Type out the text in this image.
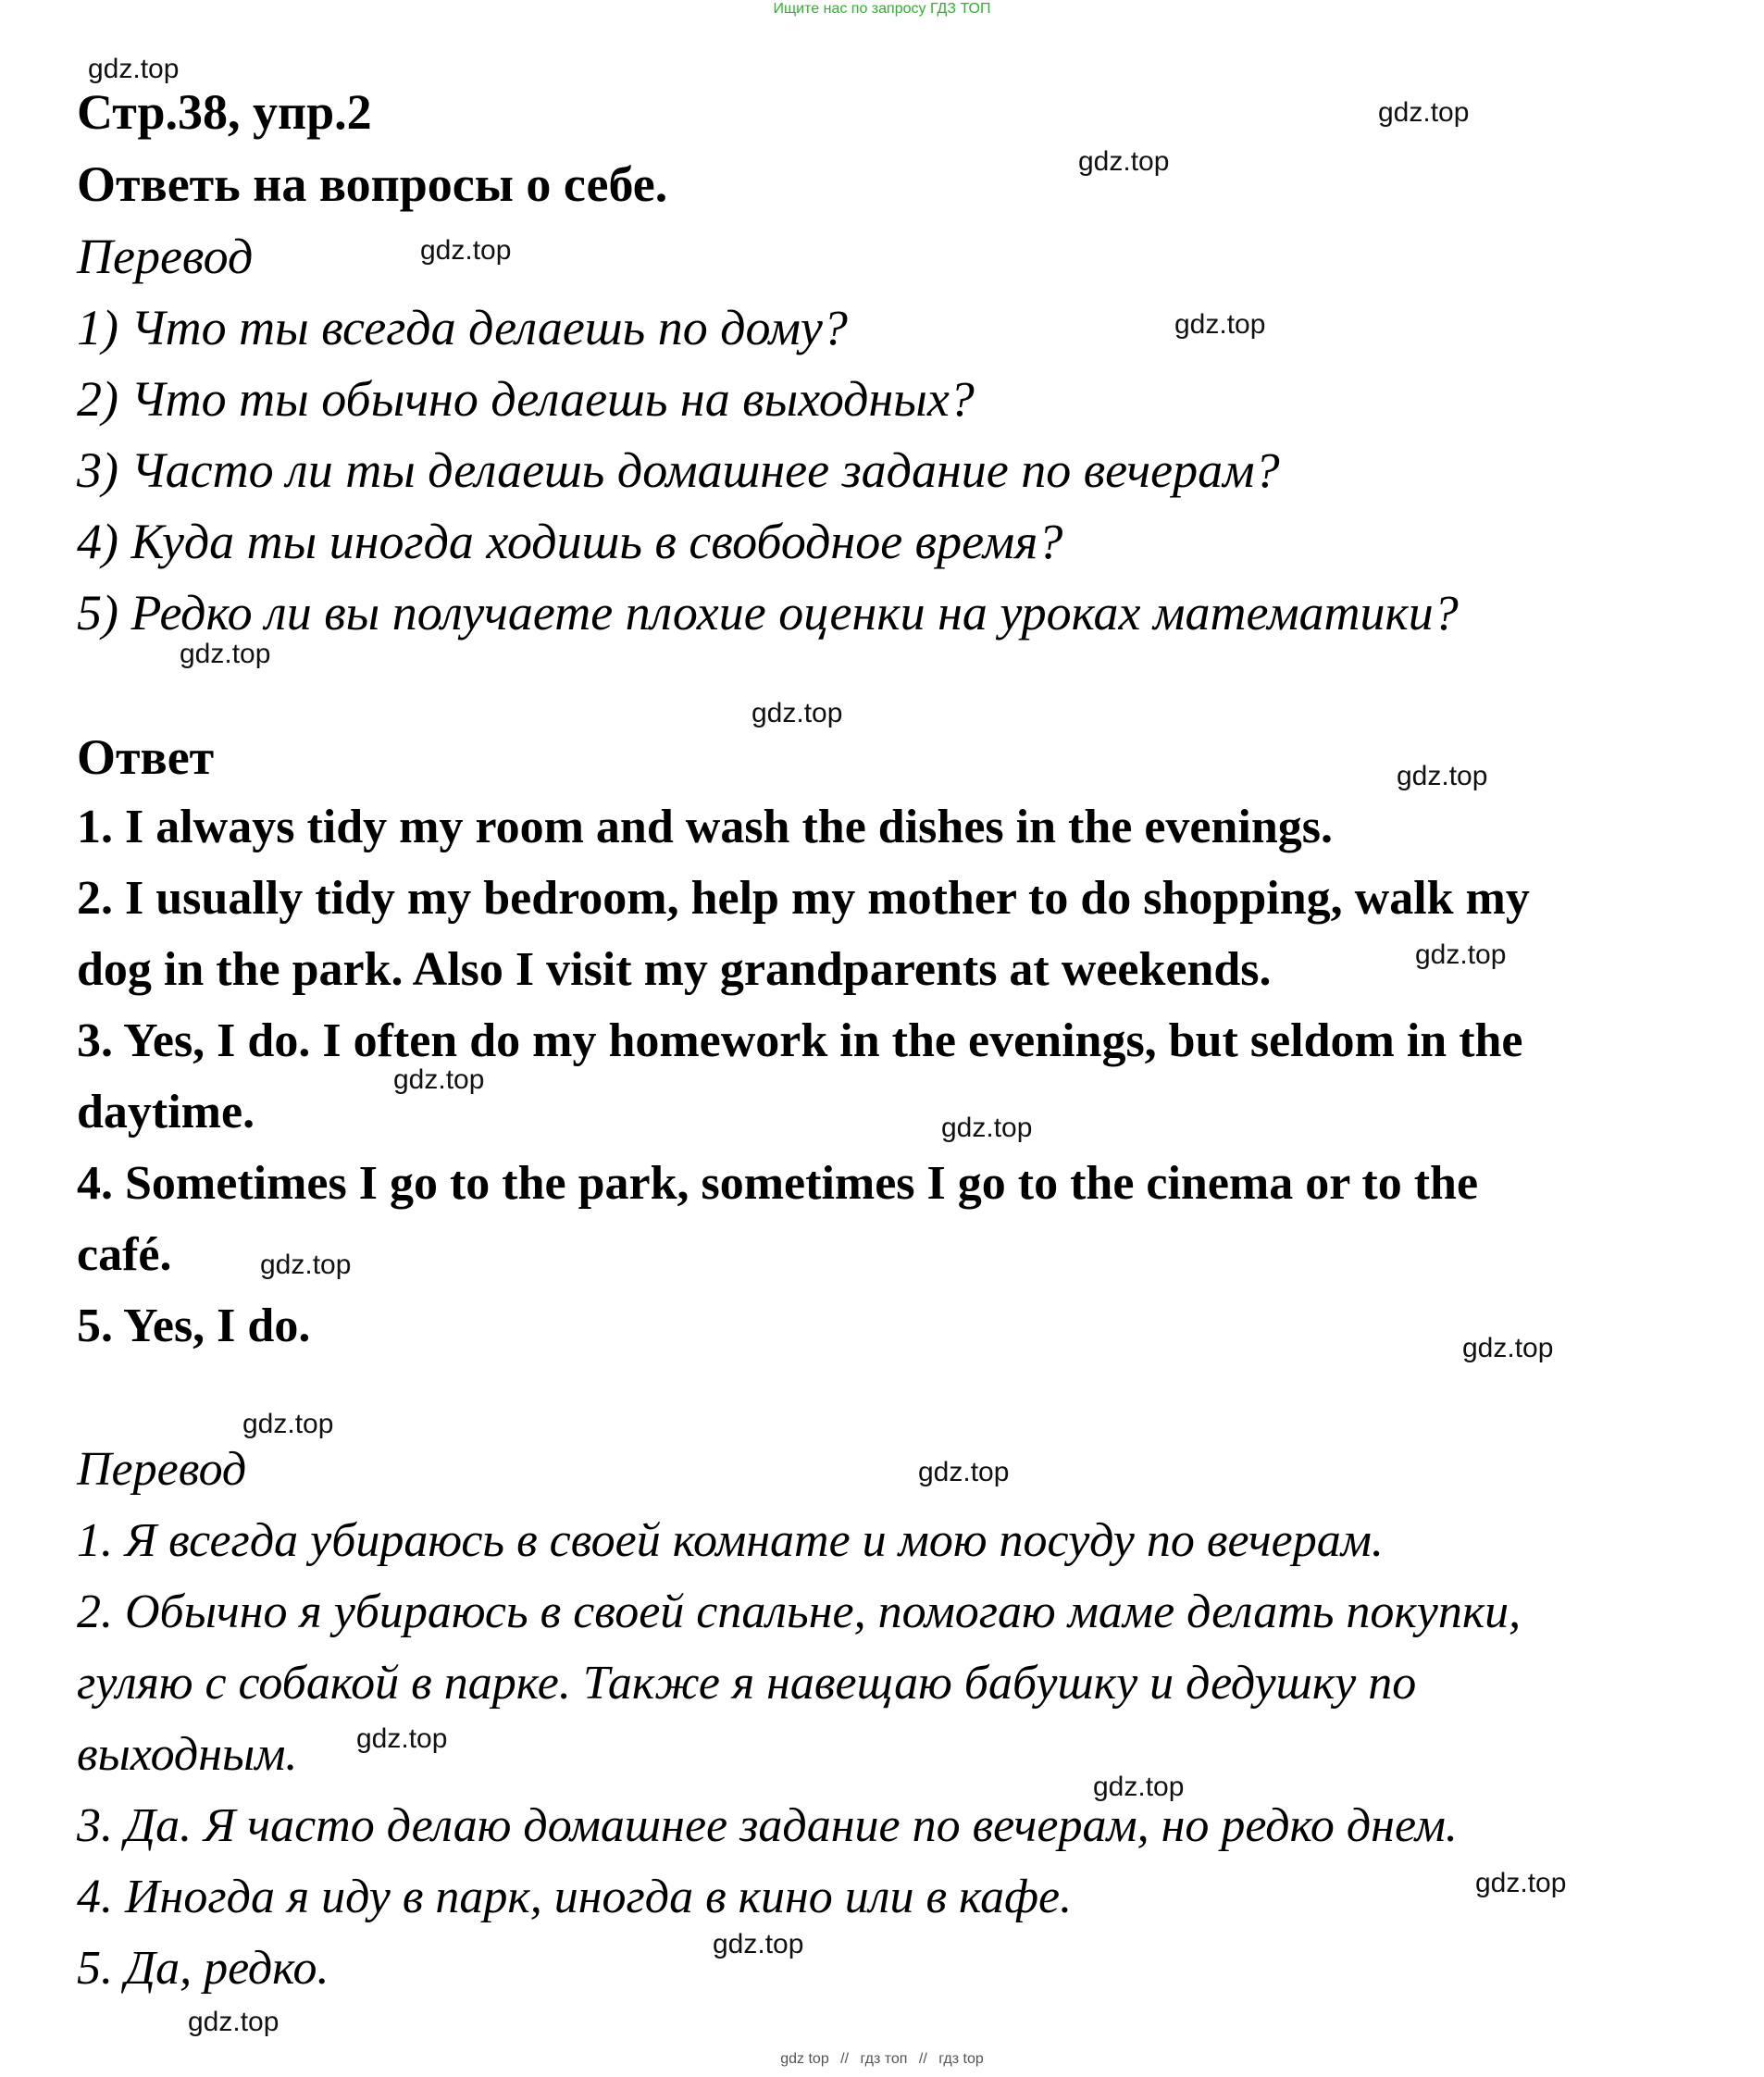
Ищите нас по запросу ГДЗ ТОП
Стр.38, упр.2
Ответь на вопросы о себе.
Перевод
1) Что ты всегда делаешь по дому?
2) Что ты обычно делаешь на выходных?
3) Часто ли ты делаешь домашнее задание по вечерам?
4) Куда ты иногда ходишь в свободное время?
5) Редко ли вы получаете плохие оценки на уроках математики?
Ответ
1. I always tidy my room and wash the dishes in the evenings.
2. I usually tidy my bedroom, help my mother to do shopping, walk my
dog in the park. Also I visit my grandparents at weekends.
3. Yes, I do. I often do my homework in the evenings, but seldom in the
daytime.
4. Sometimes I go to the park, sometimes I go to the cinema or to the
café.
5. Yes, I do.
Перевод
1. Я всегда убираюсь в своей комнате и мою посуду по вечерам.
2. Обычно я убираюсь в своей спальне, помогаю маме делать покупки,
гуляю с собакой в парке. Также я навещаю бабушку и дедушку по
выходным.
3. Да. Я часто делаю домашнее задание по вечерам, но редко днем.
4. Иногда я иду в парк, иногда в кино или в кафе.
5. Да, редко.
gdz.top
gdz.top
gdz.top
gdz.top
gdz.top
gdz.top
gdz.top
gdz.top
gdz.top
gdz.top
gdz.top
gdz.top
gdz.top
gdz.top
gdz.top
gdz.top
gdz.top
gdz.top
gdz.top
gdz.top
gdz top // гдз топ // гдз top
